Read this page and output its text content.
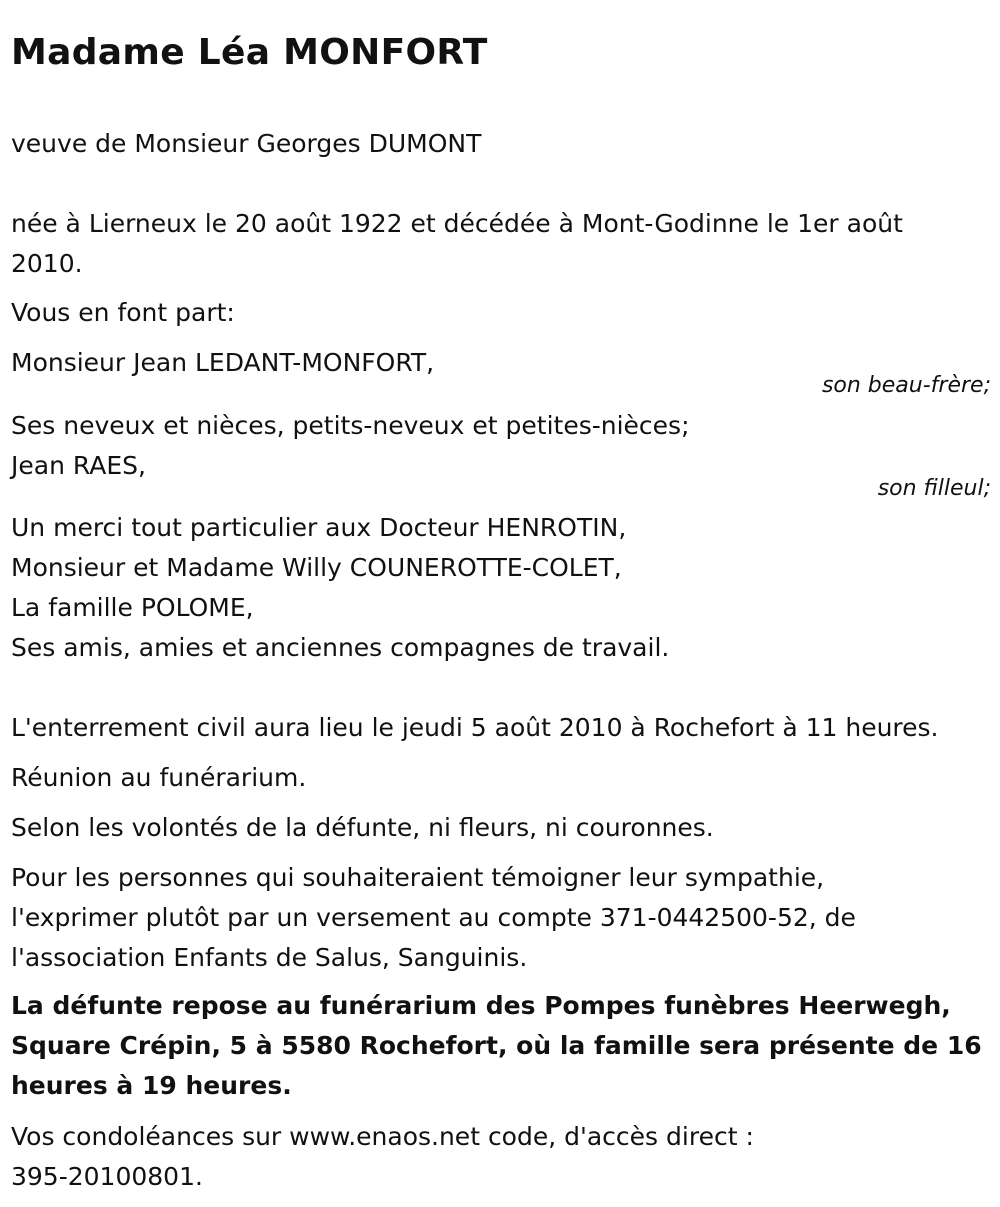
Madame Léa MONFORT
veuve de Monsieur Georges DUMONT
née à Lierneux le 20 août 1922 et décédée à Mont-Godinne le 1er août
2010.
Vous en font part:
Monsieur Jean LEDANT-MONFORT,
son beau-frère;
Ses neveux et nièces, petits-neveux et petites-nièces;
Jean RAES,
son filleul;
Un merci tout particulier aux Docteur HENROTIN,
Monsieur et Madame Willy COUNEROTTE-COLET,
La famille POLOME,
Ses amis, amies et anciennes compagnes de travail.
L'enterrement civil aura lieu le jeudi 5 août 2010 à Rochefort à 11 heures.
Réunion au funérarium.
Selon les volontés de la défunte, ni fleurs, ni couronnes.
Pour les personnes qui souhaiteraient témoigner leur sympathie,
l'exprimer plutôt par un versement au compte 371-0442500-52, de
l'association Enfants de Salus, Sanguinis.
La défunte repose au funérarium des Pompes funèbres Heerwegh,
Square Crépin, 5 à 5580 Rochefort, où la famille sera présente de 16
heures à 19 heures.
Vos condoléances sur www.enaos.net code, d'accès direct :
395-20100801.
